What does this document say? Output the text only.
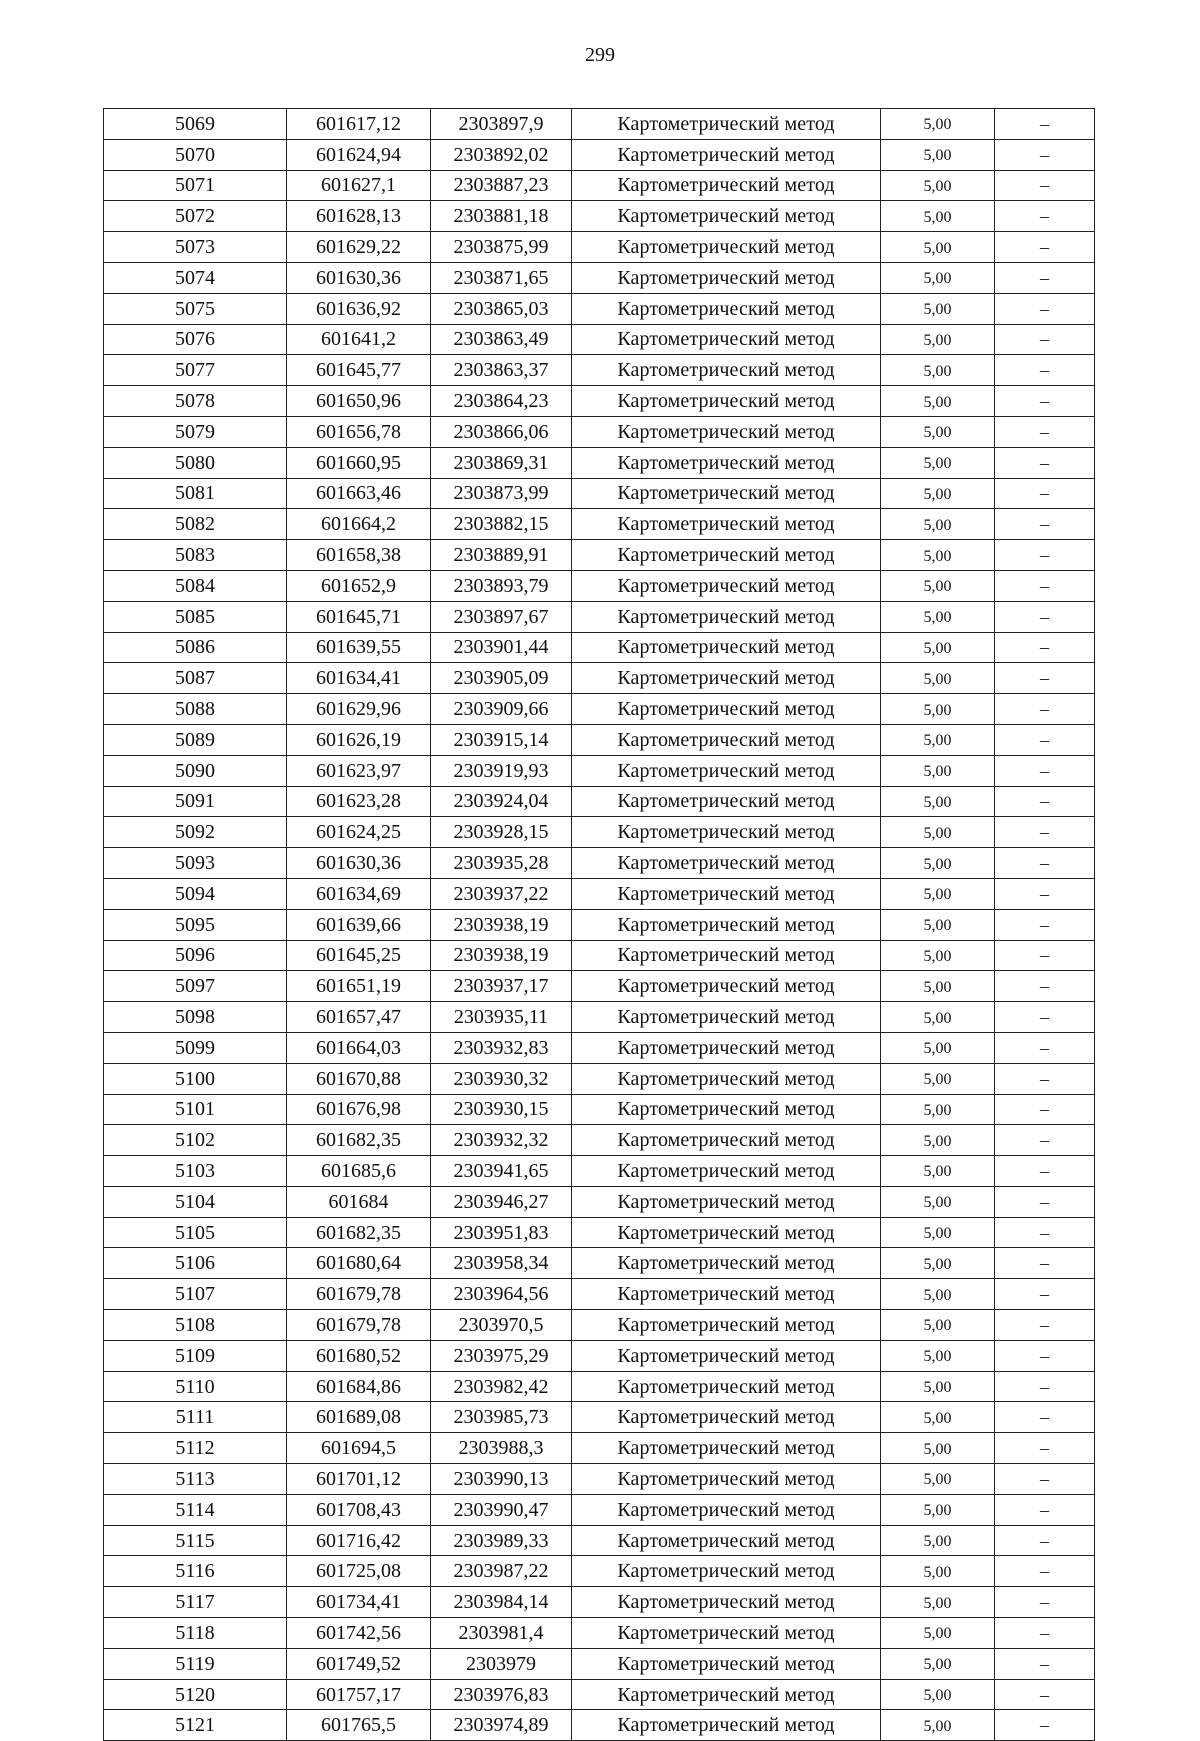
299
5069	601617,12	2303897,9	Картометрический метод	5,00	–
5070	601624,94	2303892,02	Картометрический метод	5,00	–
5071	601627,1	2303887,23	Картометрический метод	5,00	–
5072	601628,13	2303881,18	Картометрический метод	5,00	–
5073	601629,22	2303875,99	Картометрический метод	5,00	–
5074	601630,36	2303871,65	Картометрический метод	5,00	–
5075	601636,92	2303865,03	Картометрический метод	5,00	–
5076	601641,2	2303863,49	Картометрический метод	5,00	–
5077	601645,77	2303863,37	Картометрический метод	5,00	–
5078	601650,96	2303864,23	Картометрический метод	5,00	–
5079	601656,78	2303866,06	Картометрический метод	5,00	–
5080	601660,95	2303869,31	Картометрический метод	5,00	–
5081	601663,46	2303873,99	Картометрический метод	5,00	–
5082	601664,2	2303882,15	Картометрический метод	5,00	–
5083	601658,38	2303889,91	Картометрический метод	5,00	–
5084	601652,9	2303893,79	Картометрический метод	5,00	–
5085	601645,71	2303897,67	Картометрический метод	5,00	–
5086	601639,55	2303901,44	Картометрический метод	5,00	–
5087	601634,41	2303905,09	Картометрический метод	5,00	–
5088	601629,96	2303909,66	Картометрический метод	5,00	–
5089	601626,19	2303915,14	Картометрический метод	5,00	–
5090	601623,97	2303919,93	Картометрический метод	5,00	–
5091	601623,28	2303924,04	Картометрический метод	5,00	–
5092	601624,25	2303928,15	Картометрический метод	5,00	–
5093	601630,36	2303935,28	Картометрический метод	5,00	–
5094	601634,69	2303937,22	Картометрический метод	5,00	–
5095	601639,66	2303938,19	Картометрический метод	5,00	–
5096	601645,25	2303938,19	Картометрический метод	5,00	–
5097	601651,19	2303937,17	Картометрический метод	5,00	–
5098	601657,47	2303935,11	Картометрический метод	5,00	–
5099	601664,03	2303932,83	Картометрический метод	5,00	–
5100	601670,88	2303930,32	Картометрический метод	5,00	–
5101	601676,98	2303930,15	Картометрический метод	5,00	–
5102	601682,35	2303932,32	Картометрический метод	5,00	–
5103	601685,6	2303941,65	Картометрический метод	5,00	–
5104	601684	2303946,27	Картометрический метод	5,00	–
5105	601682,35	2303951,83	Картометрический метод	5,00	–
5106	601680,64	2303958,34	Картометрический метод	5,00	–
5107	601679,78	2303964,56	Картометрический метод	5,00	–
5108	601679,78	2303970,5	Картометрический метод	5,00	–
5109	601680,52	2303975,29	Картометрический метод	5,00	–
5110	601684,86	2303982,42	Картометрический метод	5,00	–
5111	601689,08	2303985,73	Картометрический метод	5,00	–
5112	601694,5	2303988,3	Картометрический метод	5,00	–
5113	601701,12	2303990,13	Картометрический метод	5,00	–
5114	601708,43	2303990,47	Картометрический метод	5,00	–
5115	601716,42	2303989,33	Картометрический метод	5,00	–
5116	601725,08	2303987,22	Картометрический метод	5,00	–
5117	601734,41	2303984,14	Картометрический метод	5,00	–
5118	601742,56	2303981,4	Картометрический метод	5,00	–
5119	601749,52	2303979	Картометрический метод	5,00	–
5120	601757,17	2303976,83	Картометрический метод	5,00	–
5121	601765,5	2303974,89	Картометрический метод	5,00	–
